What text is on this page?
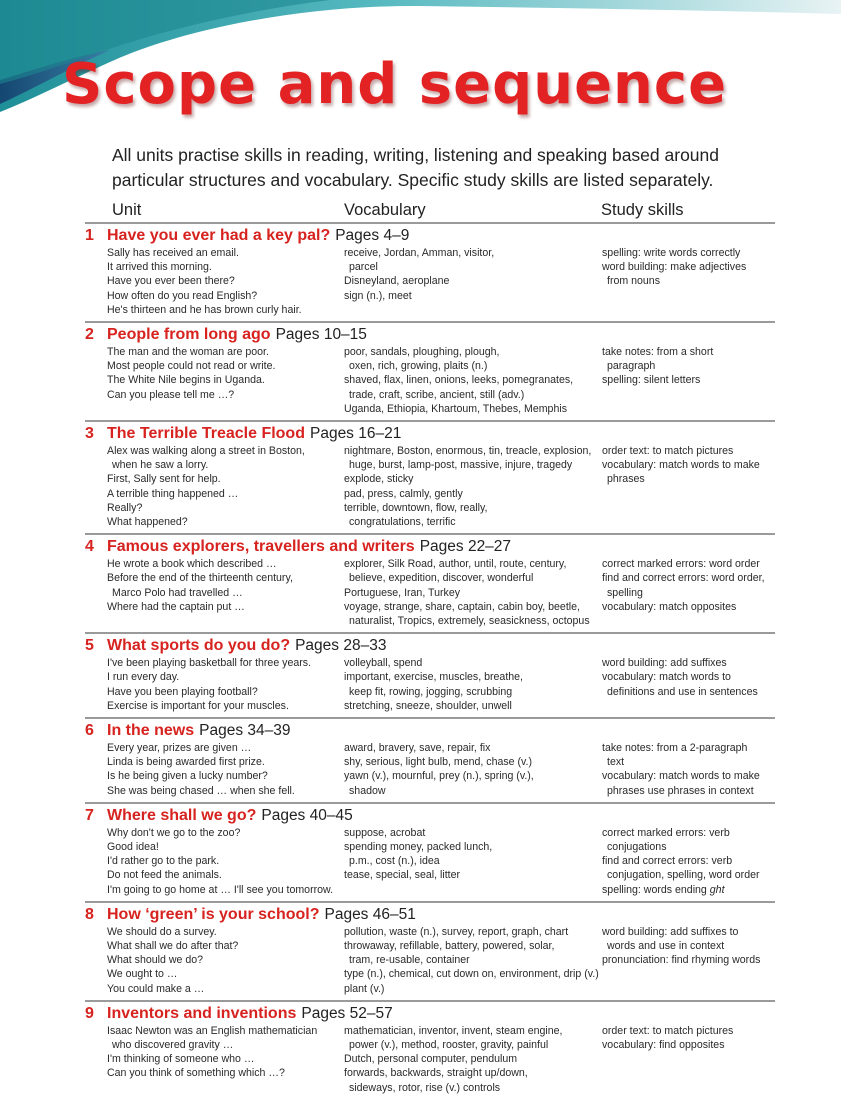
Scope and sequence
All units practise skills in reading, writing, listening and speaking based around
particular structures and vocabulary. Specific study skills are listed separately.
Unit	Vocabulary	Study skills
1 Have you ever had a key pal? Pages 4–9
Sally has received an email.
It arrived this morning.
Have you ever been there?
How often do you read English?
He's thirteen and he has brown curly hair.
receive, Jordan, Amman, visitor,
parcel
Disneyland, aeroplane
sign (n.), meet
spelling: write words correctly
word building: make adjectives
from nouns
2 People from long ago Pages 10–15
The man and the woman are poor.
Most people could not read or write.
The White Nile begins in Uganda.
Can you please tell me …?
poor, sandals, ploughing, plough,
oxen, rich, growing, plaits (n.)
shaved, flax, linen, onions, leeks, pomegranates,
trade, craft, scribe, ancient, still (adv.)
Uganda, Ethiopia, Khartoum, Thebes, Memphis
take notes: from a short
paragraph
spelling: silent letters
3 The Terrible Treacle Flood Pages 16–21
Alex was walking along a street in Boston,
when he saw a lorry.
First, Sally sent for help.
A terrible thing happened …
Really?
What happened?
nightmare, Boston, enormous, tin, treacle, explosion,
huge, burst, lamp-post, massive, injure, tragedy
explode, sticky
pad, press, calmly, gently
terrible, downtown, flow, really,
congratulations, terrific
order text: to match pictures
vocabulary: match words to make
phrases
4 Famous explorers, travellers and writers Pages 22–27
He wrote a book which described …
Before the end of the thirteenth century,
Marco Polo had travelled …
Where had the captain put …
explorer, Silk Road, author, until, route, century,
believe, expedition, discover, wonderful
Portuguese, Iran, Turkey
voyage, strange, share, captain, cabin boy, beetle,
naturalist, Tropics, extremely, seasickness, octopus
correct marked errors: word order
find and correct errors: word order,
spelling
vocabulary: match opposites
5 What sports do you do? Pages 28–33
I've been playing basketball for three years.
I run every day.
Have you been playing football?
Exercise is important for your muscles.
volleyball, spend
important, exercise, muscles, breathe,
keep fit, rowing, jogging, scrubbing
stretching, sneeze, shoulder, unwell
word building: add suffixes
vocabulary: match words to
definitions and use in sentences
6 In the news Pages 34–39
Every year, prizes are given …
Linda is being awarded first prize.
Is he being given a lucky number?
She was being chased … when she fell.
award, bravery, save, repair, fix
shy, serious, light bulb, mend, chase (v.)
yawn (v.), mournful, prey (n.), spring (v.),
shadow
take notes: from a 2-paragraph
text
vocabulary: match words to make
phrases use phrases in context
7 Where shall we go? Pages 40–45
Why don't we go to the zoo?
Good idea!
I'd rather go to the park.
Do not feed the animals.
I'm going to go home at … I'll see you tomorrow.
suppose, acrobat
spending money, packed lunch,
p.m., cost (n.), idea
tease, special, seal, litter
correct marked errors: verb
conjugations
find and correct errors: verb
conjugation, spelling, word order
spelling: words ending ght
8 How ‘green’ is your school? Pages 46–51
We should do a survey.
What shall we do after that?
What should we do?
We ought to …
You could make a …
pollution, waste (n.), survey, report, graph, chart
throwaway, refillable, battery, powered, solar,
tram, re-usable, container
type (n.), chemical, cut down on, environment, drip (v.)
plant (v.)
word building: add suffixes to
words and use in context
pronunciation: find rhyming words
9 Inventors and inventions Pages 52–57
Isaac Newton was an English mathematician
who discovered gravity …
I'm thinking of someone who …
Can you think of something which …?
mathematician, inventor, invent, steam engine,
power (v.), method, rooster, gravity, painful
Dutch, personal computer, pendulum
forwards, backwards, straight up/down,
sideways, rotor, rise (v.) controls
order text: to match pictures
vocabulary: find opposites
